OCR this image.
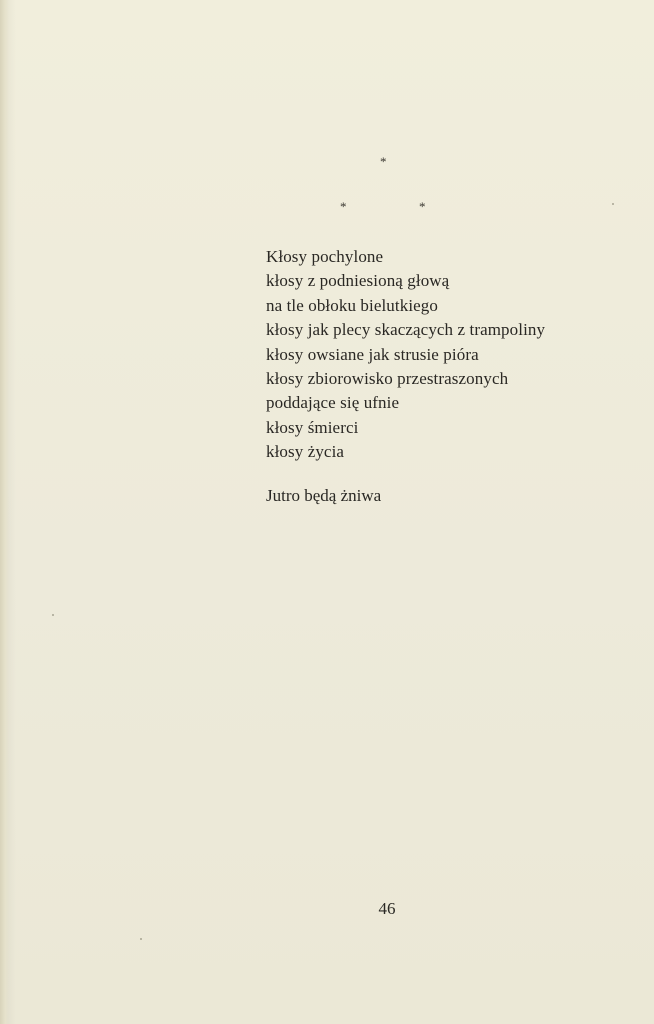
*
*	*
Kłosy pochylone
kłosy z podniesioną głową
na tle obłoku bielutkiego
kłosy jak plecy skaczących z trampoliny
kłosy owsiane jak strusie pióra
kłosy zbiorowisko przestraszonych
poddające się ufnie
kłosy śmierci
kłosy życia
Jutro będą żniwa
46
